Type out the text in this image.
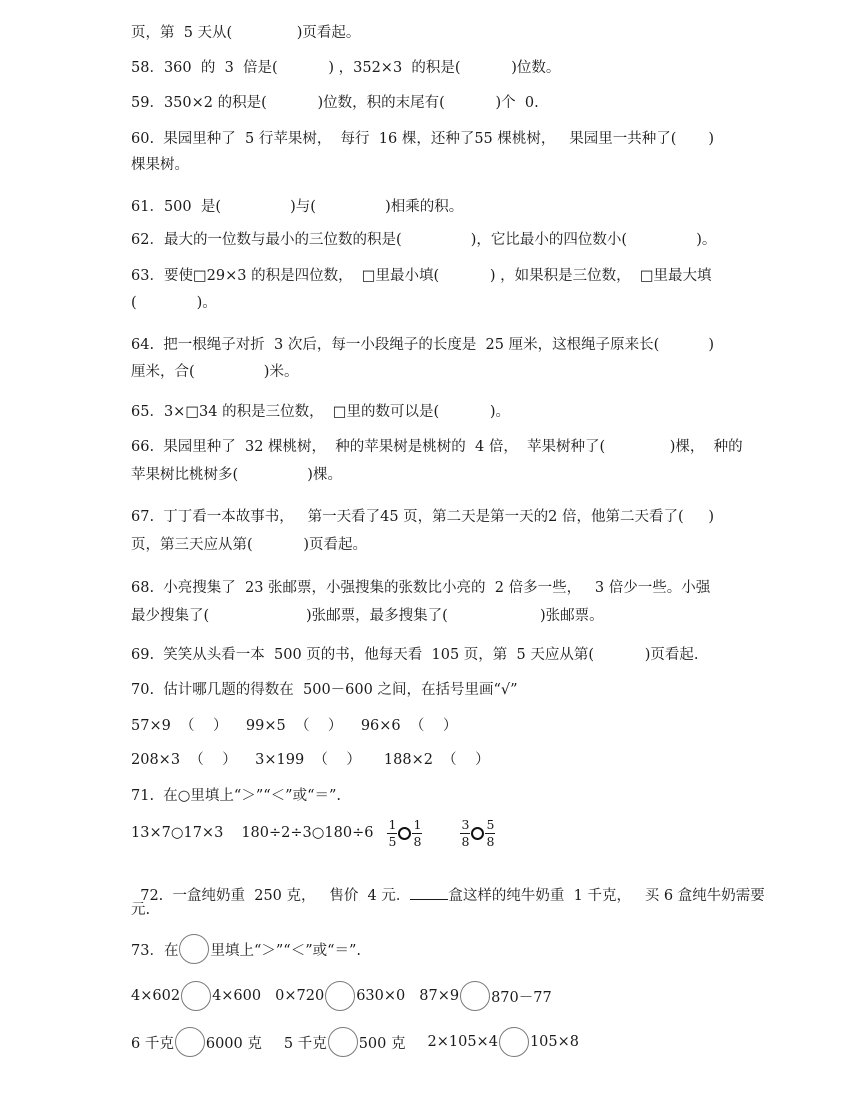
页，第  5 天从(              )页看起。
58．360  的  3  倍是(           ) ，352×3  的积是(           )位数。
59．350×2 的积是(           )位数，积的末尾有(           )个  0.
60.  果园里种了  5 行苹果树，  每行  16 棵，还种了55 棵桃树，   果园里一共种了( )
棵果树。
61．500  是(               )与(               )相乘的积。
62．最大的一位数与最小的三位数的积是(               )，它比最小的四位数小(               )。
63．要使□29×3 的积是四位数，  □里最小填(           ) ，如果积是三位数，  □里最大填
(             )。
64.  把一根绳子对折  3 次后，每一小段绳子的长度是  25 厘米，这根绳子原来长(	)
厘米，合(               )米。
65．3×□34 的积是三位数，  □里的数可以是(           )。
66.  果园里种了  32 棵桃树，  种的苹果树是桃树的  4 倍，  苹果树种了(              )棵，  种的
苹果树比桃树多(               )棵。
67.  丁丁看一本故事书，   第一天看了45 页，第二天是第一天的2 倍，他第二天看了( )
页，第三天应从第(           )页看起。
68.  小亮搜集了  23 张邮票，小强搜集的张数比小亮的  2 倍多一些，   3 倍少一些。小强
最少搜集了(                     )张邮票，最多搜集了(                    )张邮票。
69.  笑笑从头看一本  500 页的书，他每天看  105 页，第  5 天应从第(           )页看起.
70.  估计哪几题的得数在  500－600 之间，在括号里画“√”
57×9  （    ）    99×5  （    ）    96×6  （    ）
208×3  （    ）    3×199  （    ）     188×2  （    ）
71.  在○里填上“＞”“＜”或“＝”.
13×7○17×3 180÷2÷3○180÷6 $\frac{1}{5} \frac{1}{8}$	$\frac{3}{8} \frac{5}{8}$

72.  一盒纯奶重  250 克，   售价  4 元．	盒这样的纯牛奶重  1 千克，   买 6 盒纯牛奶需要

元.
73．在 里填上“＞”“＜”或“＝”.
4×602 4×600 0×720 630×0 87×9 870－77
6 千克 6000 克 5 千克 500 克 2×105×4 105×8
